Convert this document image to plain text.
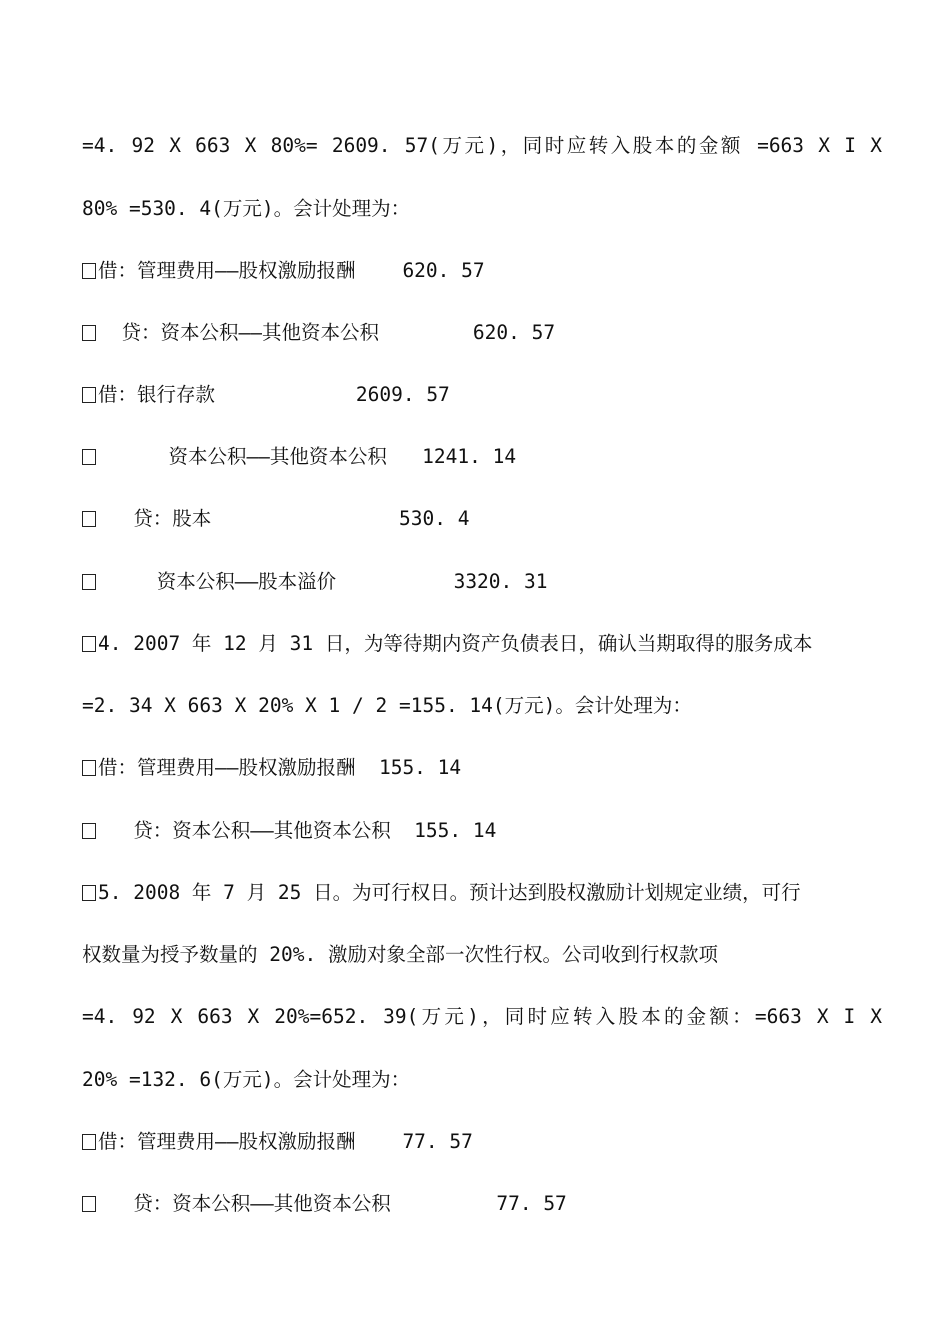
=4. 92 X 663 X 80%= 2609. 57(万元)，同时应转入股本的金额 =663 X I X
80% =530. 4(万元)。会计处理为：
借：管理费用——股权激励报酬    620. 57
贷：资本公积——其他资本公积        620. 57
借：银行存款            2609. 57
资本公积——其他资本公积   1241. 14
贷：股本                530. 4
资本公积——股本溢价          3320. 31
4. 2007 年 12 月 31 日，为等待期内资产负债表日，确认当期取得的服务成本
=2. 34 X 663 X 20% X 1 / 2 =155. 14(万元)。会计处理为：
借：管理费用——股权激励报酬  155. 14
贷：资本公积——其他资本公积  155. 14
5. 2008 年 7 月 25 日。为可行权日。预计达到股权激励计划规定业绩，可行
权数量为授予数量的 20%. 激励对象全部一次性行权。公司收到行权款项
=4. 92 X 663 X 20%=652. 39(万元)，同时应转入股本的金额：=663 X I X
20% =132. 6(万元)。会计处理为：
借：管理费用——股权激励报酬    77. 57
贷：资本公积——其他资本公积         77. 57
